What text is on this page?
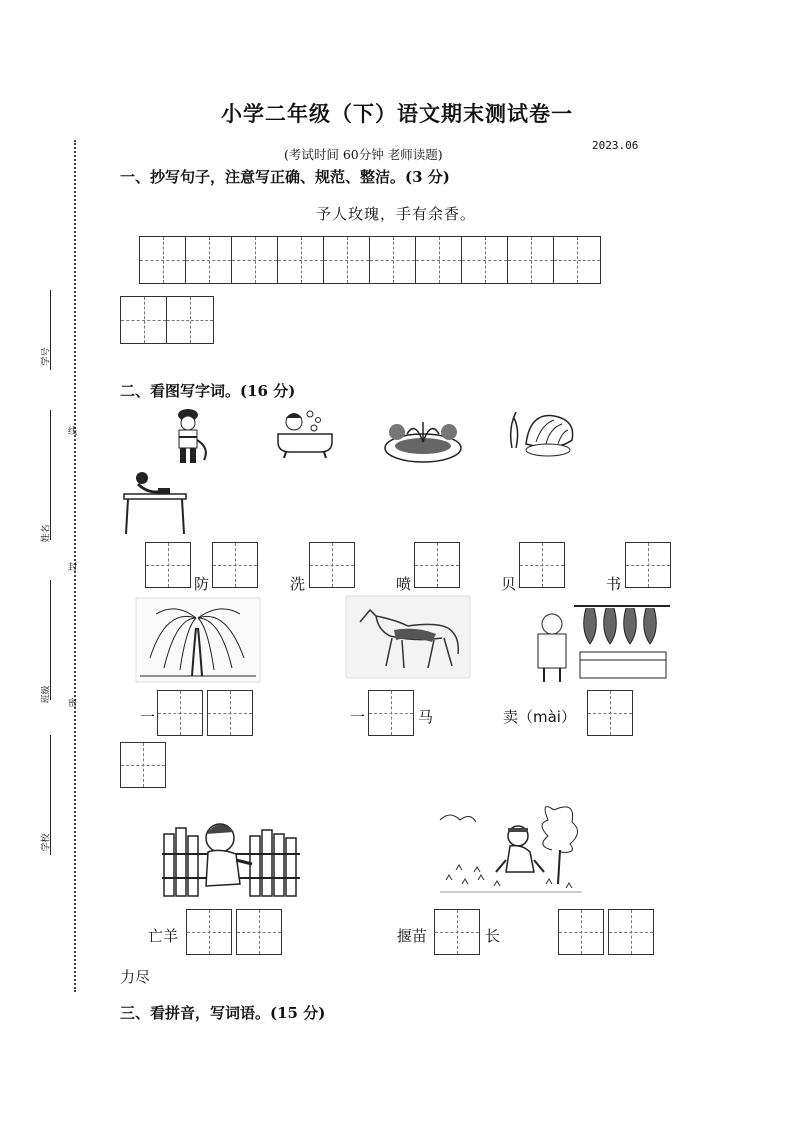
小学二年级（下）语文期末测试卷一
2023.06
(考试时间 60分钟 老师读题)
学号
姓名
班级
学校
线
封
密
一、抄写句子，注意写正确、规范、整洁。(3 分)
予人玫瑰，手有余香。
二、看图写字词。(16 分)
防	洗	喷	贝	书
一	一	马	卖（mài）
亡羊	揠苗	长
力尽
三、看拼音，写词语。(15 分)
